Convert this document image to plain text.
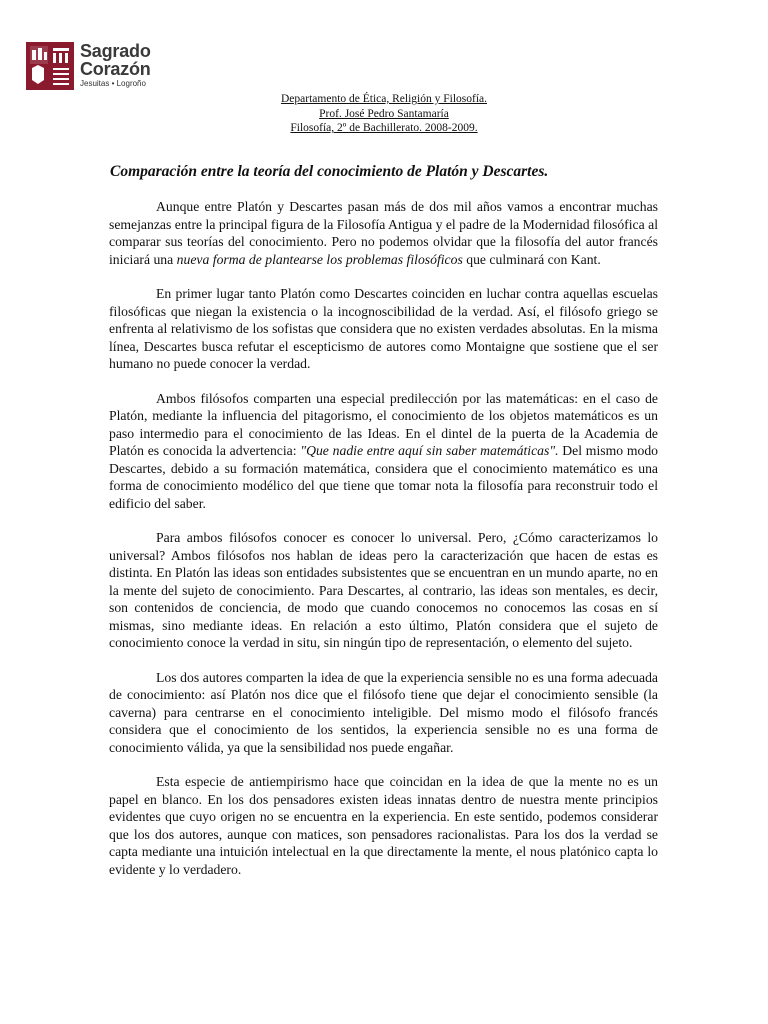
Sagrado
Corazón
Jesuitas • Logroño
Departamento de Ética, Religión y Filosofía.
Prof. José Pedro Santamaría
Filosofía, 2º de Bachillerato. 2008-2009.
Comparación entre la teoría del conocimiento de Platón y Descartes.

Aunque entre Platón y Descartes pasan más de dos mil años vamos a encontrar muchas semejanzas entre la principal figura de la Filosofía Antigua y el padre de la Modernidad filosófica al comparar sus teorías del conocimiento. Pero no podemos olvidar que la filosofía del autor francés iniciará una nueva forma de plantearse los problemas filosóficos que culminará con Kant.

En primer lugar tanto Platón como Descartes coinciden en luchar contra aquellas escuelas filosóficas que niegan la existencia o la incognoscibilidad de la verdad. Así, el filósofo griego se enfrenta al relativismo de los sofistas que considera que no existen verdades absolutas. En la misma línea, Descartes busca refutar el escepticismo de autores como Montaigne que sostiene que el ser humano no puede conocer la verdad.

Ambos filósofos comparten una especial predilección por las matemáticas: en el caso de Platón, mediante la influencia del pitagorismo, el conocimiento de los objetos matemáticos es un paso intermedio para el conocimiento de las Ideas. En el dintel de la puerta de la Academia de Platón es conocida la advertencia: "Que nadie entre aquí sin saber matemáticas". Del mismo modo Descartes, debido a su formación matemática, considera que el conocimiento matemático es una forma de conocimiento modélico del que tiene que tomar nota la filosofía para reconstruir todo el edificio del saber.

Para ambos filósofos conocer es conocer lo universal. Pero, ¿Cómo caracterizamos lo universal? Ambos filósofos nos hablan de ideas pero la caracterización que hacen de estas es distinta. En Platón las ideas son entidades subsistentes que se encuentran en un mundo aparte, no en la mente del sujeto de conocimiento. Para Descartes, al contrario, las ideas son mentales, es decir, son contenidos de conciencia, de modo que cuando conocemos no conocemos las cosas en sí mismas, sino mediante ideas. En relación a esto último, Platón considera que el sujeto de conocimiento conoce la verdad in situ, sin ningún tipo de representación, o elemento del sujeto.

Los dos autores comparten la idea de que la experiencia sensible no es una forma adecuada de conocimiento: así Platón nos dice que el filósofo tiene que dejar el conocimiento sensible (la caverna) para centrarse en el conocimiento inteligible. Del mismo modo el filósofo francés considera que el conocimiento de los sentidos, la experiencia sensible no es una forma de conocimiento válida, ya que la sensibilidad nos puede engañar.

Esta especie de antiempirismo hace que coincidan en la idea de que la mente no es un papel en blanco. En los dos pensadores existen ideas innatas dentro de nuestra mente principios evidentes que cuyo origen no se encuentra en la experiencia. En este sentido, podemos considerar que los dos autores, aunque con matices, son pensadores racionalistas. Para los dos la verdad se capta mediante una intuición intelectual en la que directamente la mente, el nous platónico capta lo evidente y lo verdadero.
